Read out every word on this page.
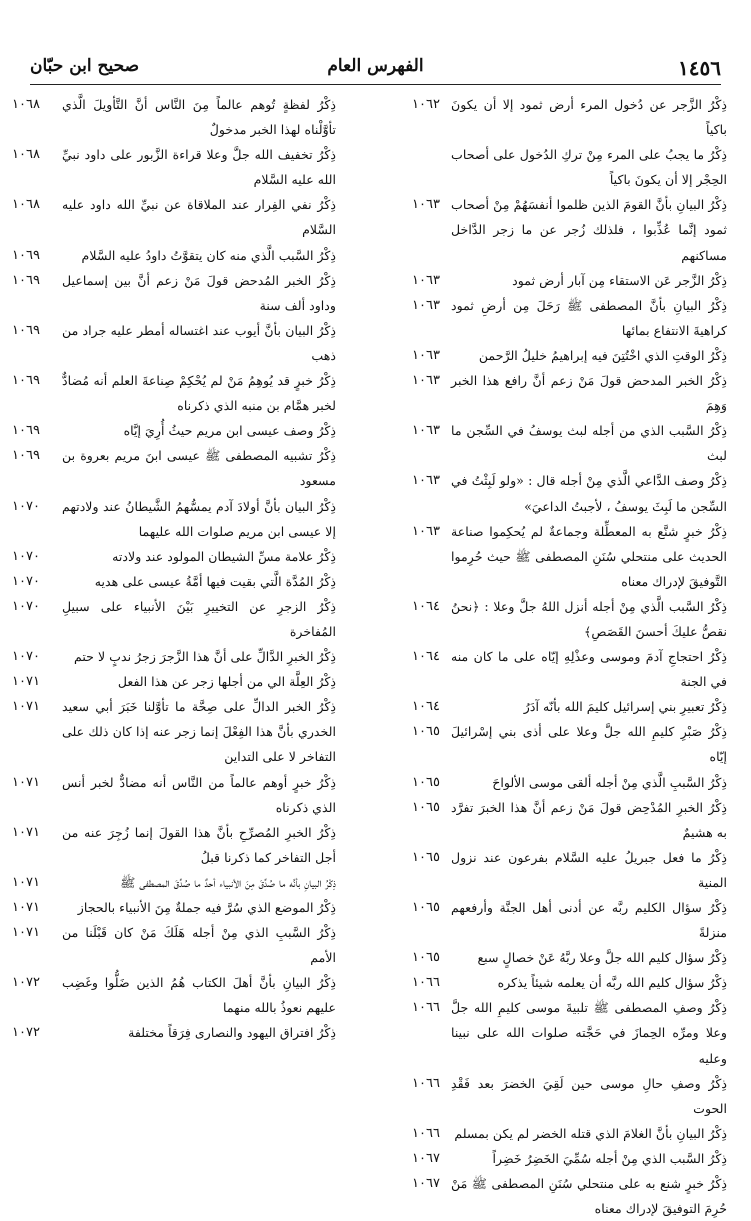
١٤٥٦
الفهرس العام
صحيح ابن حبّان
ذِكْرُ الزَّجر عن دُخول المرء أرض ثمود إلا أن يكونَ باكياً
١٠٦٢
ذِكْرُ ما يجبُ على المرء مِنْ تركِ الدُخول على أصحاب الحِجْر إلا أن يكونَ باكياً
ذِكْرُ البيانِ بأنَّ القومَ الذين ظلموا أنفسَهُمْ مِنْ أصحاب ثمود إنَّما عُذِّبوا ، فلذلك زُجر عن ما زجر الدَّاخل مساكنهم
١٠٦٣
ذِكْرُ الزَّجر عَن الاستقاء مِن آبار أرض ثمود
١٠٦٣
ذِكْرُ البيانِ بأنَّ المصطفى ﷺ رَحَلَ مِن أرضِ ثمود كراهيةَ الانتفاع بمائها
١٠٦٣
ذِكْرُ الوقتِ الذي اخْتُتِنَ فيه إبراهيمُ خليلُ الرَّحمن
١٠٦٣
ذِكْرُ الخبر المدحض قولَ مَنْ زعم أنَّ رافع هذا الخبر وَهِمَ
١٠٦٣
ذِكْرُ السَّبب الذي من أجله لبث يوسفُ في السِّجن ما لبث
١٠٦٣
ذِكْرُ وصف الدَّاعي الَّذي مِنْ أجله قال : «ولو لَبِثْتُ في السِّجن ما لَبِثَ يوسفُ ، لأجبتُ الداعيَ»
١٠٦٣
ذِكْرُ خبرٍ شنَّع به المعطِّلة وجماعةٌ لم يُحكِموا صناعة الحديث على منتحلي سُنَنِ المصطفى ﷺ حيث حُرِموا التَّوفيقَ لإدراك معناه
١٠٦٣
ذِكْرُ السَّبب الَّذي مِنْ أجله أنزل اللهُ جلَّ وعلا : ﴿نحنُ نقصُّ عليكَ أحسنَ القَصَصِ﴾
١٠٦٤
ذِكْرُ احتجاجِ آدمَ وموسى وعذْلِهِ إيّاه على ما كان منه في الجنة
١٠٦٤
ذِكْرُ تعبيرِ بني إسرائيل كليمَ الله بأنّه آدَرُ
١٠٦٤
ذِكْرُ صَبْرِ كليمِ الله جلَّ وعلا على أذى بني إسْرائيلَ إيّاه
١٠٦٥
ذِكْرُ السَّببِ الَّذي مِنْ أجله ألقى موسى الألواحَ
١٠٦٥
ذِكْرُ الخبرِ المُدْحِض قولَ مَنْ زعم أنَّ هذا الخبرَ تفرَّد به هشيمٌ
١٠٦٥
ذِكْرُ ما فعل جبريلُ عليه السَّلام بفرعون عند نزول المنية
١٠٦٥
ذِكْرُ سؤال الكليم ربَّه عن أدنى أهل الجنَّة وأرفعهم منزلةً
١٠٦٥
ذِكْرُ سؤال كليم الله جلَّ وعلا ربَّهُ عَنْ خصالٍ سبع
١٠٦٥
ذِكْرُ سؤال كليم الله ربَّه أن يعلمه شيئاً يذكره
١٠٦٦
ذِكْرُ وصفِ المصطفى ﷺ تلبيةَ موسى كليمِ الله جلَّ وعلا ومرِّه الحِمازَ في حَجَّته صلوات الله على نبينا وعليه
١٠٦٦
ذِكْرُ وصفِ حالِ موسى حين لَقِيَ الخضرَ بعد فَقْدِ الحوت
١٠٦٦
ذِكْرُ البيانِ بأنَّ الغلامَ الذي قتله الخضر لم يكن بمسلم
١٠٦٦
ذِكْرُ السَّبب الذي مِنْ أجله سُمِّيَ الخَضِرُ خَضِراً
١٠٦٧
ذِكْرُ خبرٍ شنع به على منتحلي سُنَنِ المصطفى ﷺ مَنْ حُرِمَ التوفيقَ لإدراك معناه
١٠٦٧
ذِكْرُ لفظةٍ تُوهم عالماً مِنَ النَّاس أنَّ التَّأويلَ الَّذي تأوَّلْناه لهذا الخبر مدخولٌ
١٠٦٨
ذِكْرُ تخفيف الله جلَّ وعلا قراءة الزَّبور على داود نبيِّ الله عليه السَّلام
١٠٦٨
ذِكْرُ نفي الفِرار عند الملاقاة عن نبيِّ الله داود عليه السَّلام
١٠٦٨
ذِكْرُ السَّبب الَّذي منه كان يتقوَّتُ داودُ عليه السَّلام
١٠٦٩
ذِكْرُ الخبر المُدحض قولَ مَنْ زعم أنَّ بين إسماعيل وداود ألف سنة
١٠٦٩
ذِكْرُ البيان بأنَّ أيوب عند اغتساله أمطر عليه جراد من ذهب
١٠٦٩
ذِكْرُ خبرٍ قد يُوهِمُ مَنْ لم يُحْكِمْ صِناعةَ العلم أنه مُضادٌّ لخبر همَّام بن منبه الذي ذكرناه
١٠٦٩
ذِكْرُ وصف عيسى ابن مريم حيثُ أُرِيَ إيَّاه
١٠٦٩
ذِكْرُ تشبيه المصطفى ﷺ عيسى ابنَ مريم بعروة بن مسعود
١٠٦٩
ذِكْرُ البيان بأنَّ أولادَ آدم يمسُّهمُ الشَّيطانُ عند ولادتهم إلا عيسى ابن مريم صلوات الله عليهما
١٠٧٠
ذِكْرُ علامة مسِّ الشيطان المولود عند ولادته
١٠٧٠
ذِكْرُ المُدَّة الَّتي بقيت فيها أمَّةُ عيسى على هديه
١٠٧٠
ذِكْرُ الزجرِ عن التخييرِ بَيْنَ الأنبياء على سبيلِ المُفاخرة
١٠٧٠
ذِكْرُ الخبرِ الدَّالِّ على أنَّ هذا الزَّجرَ زجرُ ندبٍ لا حتم
١٠٧٠
ذِكْرُ العِلَّة الي من أجلها زجر عن هذا الفعل
١٠٧١
ذِكْرُ الخبر الدالِّ على صِحَّة ما تأوَّلنا خَبَرَ أبي سعيد الخدري بأنَّ هذا الفِعْلَ إنما زجر عنه إذا كان ذلك على التفاخر لا على التداين
١٠٧١
ذِكْرُ خبرٍ أوهم عالماً من النَّاس أنه مضادٌّ لخبر أنس الذي ذكرناه
١٠٧١
ذِكْرُ الخبرِ المُصرِّحِ بأنَّ هذا القولَ إنما زُجِرَ عنه من أجل التفاخر كما ذكرنا قبلُ
١٠٧١
ذِكْرُ البيانِ بأنَّه ما صُدِّقَ مِنَ الأنبياء أحدٌ ما صُدِّقَ المصطفى ﷺ
١٠٧١
ذِكْرُ الموضع الذي سُرَّ فيه جملةٌ مِنَ الأنبياء بالحجاز
١٠٧١
ذِكْرُ السَّببِ الذي مِنْ أجله هَلَكَ مَنْ كان قَبْلَنا من الأمم
١٠٧١
ذِكْرُ البيانِ بأنَّ أهلَ الكتاب هُمُ الذين ضَلُّوا وغَضِب عليهم نعوذُ بالله منهما
١٠٧٢
ذِكْرُ افتراق اليهود والنصارى فِرَقاً مختلفة
١٠٧٢
